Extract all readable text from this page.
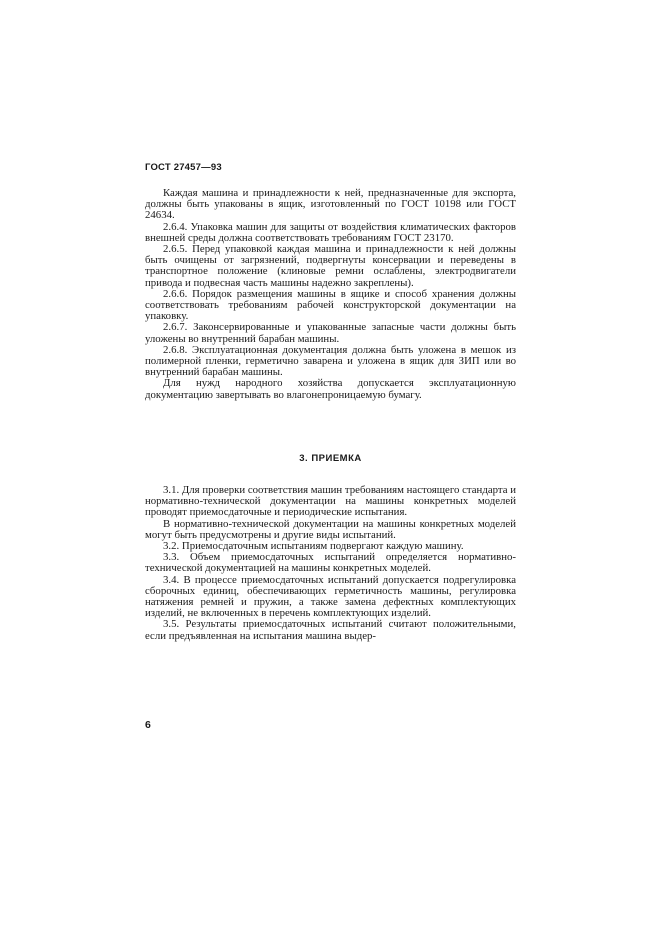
ГОСТ 27457—93

Каждая машина и принадлежности к ней, предназначенные для экспорта, должны быть упакованы в ящик, изготовленный по ГОСТ 10198 или ГОСТ 24634.

2.6.4. Упаковка машин для защиты от воздействия климатических факторов внешней среды должна соответствовать требованиям ГОСТ 23170.

2.6.5. Перед упаковкой каждая машина и принадлежности к ней должны быть очищены от загрязнений, подвергнуты консервации и переведены в транспортное положение (клиновые ремни ослаблены, электродвигатели привода и подвесная часть машины надежно закреплены).

2.6.6. Порядок размещения машины в ящике и способ хранения должны соответствовать требованиям рабочей конструкторской документации на упаковку.

2.6.7. Законсервированные и упакованные запасные части должны быть уложены во внутренний барабан машины.

2.6.8. Эксплуатационная документация должна быть уложена в мешок из полимерной пленки, герметично заварена и уложена в ящик для ЗИП или во внутренний барабан машины.

Для нужд народного хозяйства допускается эксплуатационную документацию завертывать во влагонепроницаемую бумагу.

3. ПРИЕМКА

3.1. Для проверки соответствия машин требованиям настоящего стандарта и нормативно-технической документации на машины конкретных моделей проводят приемосдаточные и периодические испытания.

В нормативно-технической документации на машины конкретных моделей могут быть предусмотрены и другие виды испытаний.

3.2. Приемосдаточным испытаниям подвергают каждую машину.

3.3. Объем приемосдаточных испытаний определяется нормативно-технической документацией на машины конкретных моделей.

3.4. В процессе приемосдаточных испытаний допускается подрегулировка сборочных единиц, обеспечивающих герметичность машины, регулировка натяжения ремней и пружин, а также замена дефектных комплектующих изделий, не включенных в перечень комплектующих изделий.

3.5. Результаты приемосдаточных испытаний считают положительными, если предъявленная на испытания машина выдер-

6
